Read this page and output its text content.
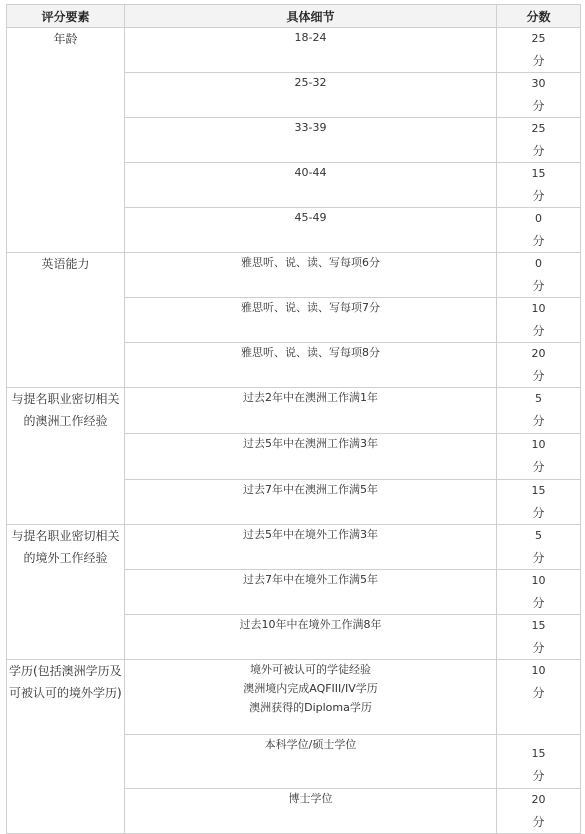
评分要素	具体细节	分数
年龄	18-24	25
分

	25-32	30
分

	33-39	25
分

	40-44	15
分

	45-49	0
分

英语能力	雅思听、说、读、写每项6分	0
分

	雅思听、说、读、写每项7分	10
分

	雅思听、说、读、写每项8分	20
分

与提名职业密切相关
的澳洲工作经验	过去2年中在澳洲工作满1年	5
分

	过去5年中在澳洲工作满3年	10
分

	过去7年中在澳洲工作满5年	15
分

与提名职业密切相关
的境外工作经验	过去5年中在境外工作满3年	5
分

	过去7年中在境外工作满5年	10
分

	过去10年中在境外工作满8年	15
分

学历(包括澳洲学历及
可被认可的境外学历)	境外可被认可的学徒经验
澳洲境内完成AQFIII/IV学历
澳洲获得的Diploma学历	10
分

	本科学位/硕士学位	15
分

	博士学位	20
分
